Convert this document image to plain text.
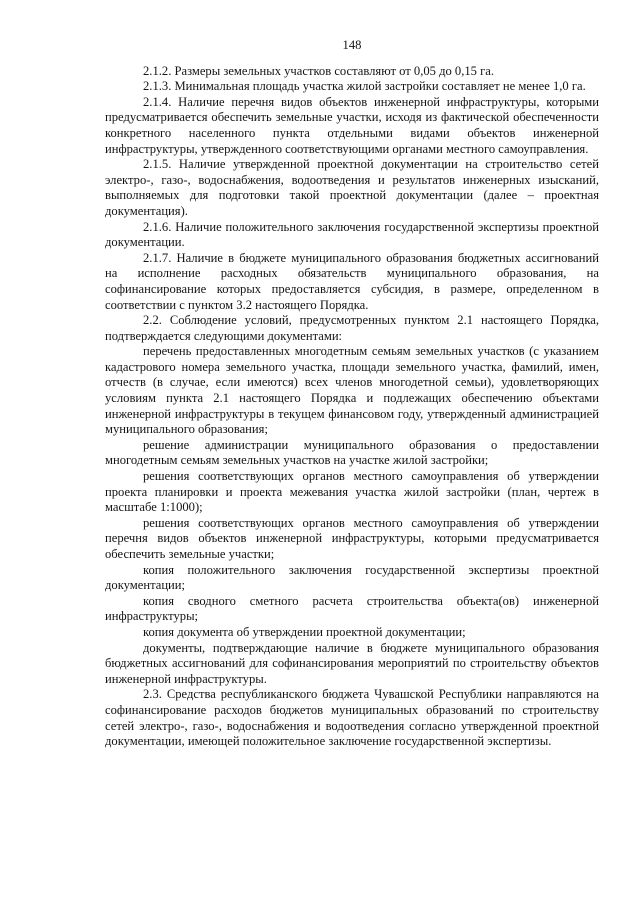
148

2.1.2. Размеры земельных участков составляют от 0,05 до 0,15 га.

2.1.3. Минимальная площадь участка жилой застройки составляет не менее 1,0 га.

2.1.4. Наличие перечня видов объектов инженерной инфраструктуры, которыми предусматривается обеспечить земельные участки, исходя из фактической обеспеченности конкретного населенного пункта отдельными видами объектов инженерной инфраструктуры, утвержденного соответствующими органами местного самоуправления.

2.1.5. Наличие утвержденной проектной документации на строительство сетей электро-, газо-, водоснабжения, водоотведения и результатов инженерных изысканий, выполняемых для подготовки такой проектной документации (далее – проектная документация).

2.1.6. Наличие положительного заключения государственной экспертизы проектной документации.

2.1.7. Наличие в бюджете муниципального образования бюджетных ассигнований на исполнение расходных обязательств муниципального образования, на софинансирование которых предоставляется субсидия, в размере, определенном в соответствии с пунктом 3.2 настоящего Порядка.

2.2. Соблюдение условий, предусмотренных пунктом 2.1 настоящего Порядка, подтверждается следующими документами:

перечень предоставленных многодетным семьям земельных участков (с указанием кадастрового номера земельного участка, площади земельного участка, фамилий, имен, отчеств (в случае, если имеются) всех членов многодетной семьи), удовлетворяющих условиям пункта 2.1 настоящего Порядка и подлежащих обеспечению объектами инженерной инфраструктуры в текущем финансовом году, утвержденный администрацией муниципального образования;

решение администрации муниципального образования о предоставлении многодетным семьям земельных участков на участке жилой застройки;

решения соответствующих органов местного самоуправления об утверждении проекта планировки и проекта межевания участка жилой застройки (план, чертеж в масштабе 1:1000);

решения соответствующих органов местного самоуправления об утверждении перечня видов объектов инженерной инфраструктуры, которыми предусматривается обеспечить земельные участки;

копия положительного заключения государственной экспертизы проектной документации;

копия сводного сметного расчета строительства объекта(ов) инженерной инфраструктуры;

копия документа об утверждении проектной документации;

документы, подтверждающие наличие в бюджете муниципального образования бюджетных ассигнований для софинансирования мероприятий по строительству объектов инженерной инфраструктуры.

2.3. Средства республиканского бюджета Чувашской Республики направляются на софинансирование расходов бюджетов муниципальных образований по строительству сетей электро-, газо-, водоснабжения и водоотведения согласно утвержденной проектной документации, имеющей положительное заключение государственной экспертизы.
